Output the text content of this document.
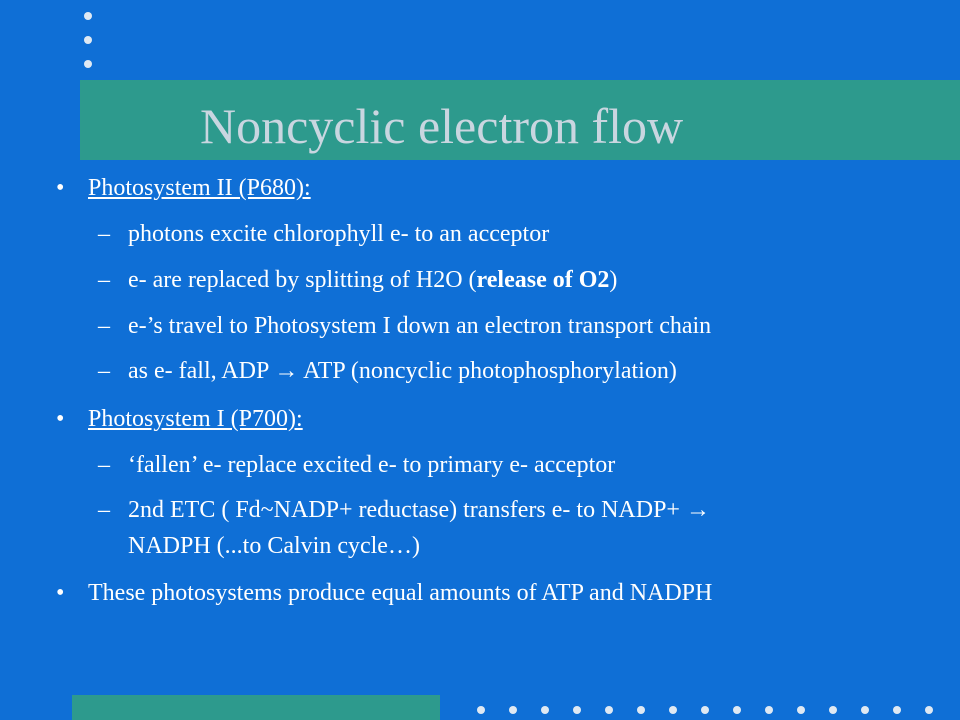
Noncyclic electron flow
• Photosystem II (P680):
– photons excite chlorophyll e- to an acceptor
– e- are replaced by splitting of H2O (release of O2)
– e-’s travel to Photosystem I down an electron transport chain
– as e- fall, ADP → ATP (noncyclic photophosphorylation)
• Photosystem I (P700):
– ‘fallen’ e- replace excited e- to primary e- acceptor
– 2nd ETC ( Fd~NADP+ reductase) transfers e- to NADP+ →
NADPH (...to Calvin cycle…)
• These photosystems produce equal amounts of ATP and NADPH
